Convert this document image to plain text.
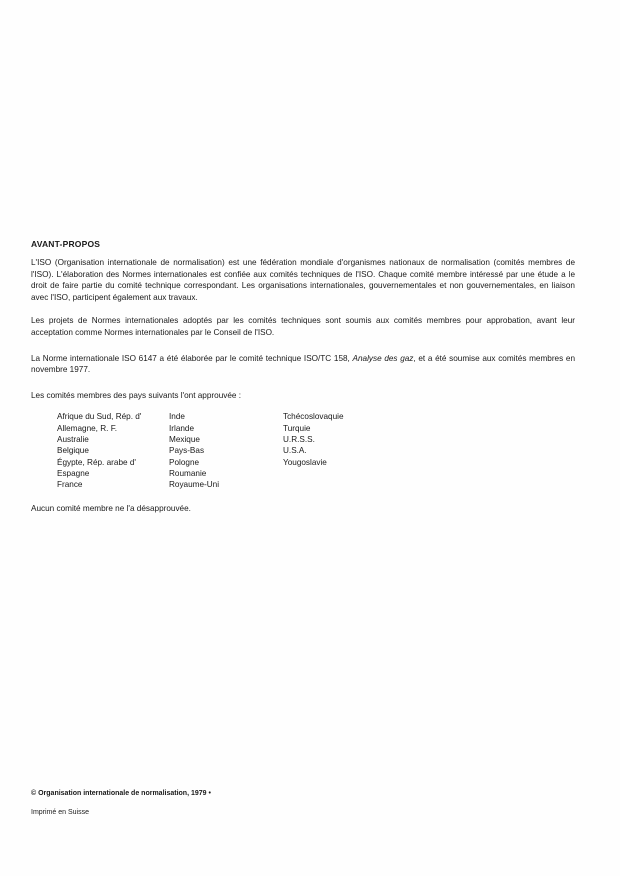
AVANT-PROPOS

L'ISO (Organisation internationale de normalisation) est une fédération mondiale d'organismes nationaux de normalisation (comités membres de l'ISO). L'élaboration des Normes internationales est confiée aux comités techniques de l'ISO. Chaque comité membre intéressé par une étude a le droit de faire partie du comité technique correspondant. Les organisations internationales, gouvernementales et non gouvernementales, en liaison avec l'ISO, participent également aux travaux.

Les projets de Normes internationales adoptés par les comités techniques sont soumis aux comités membres pour approbation, avant leur acceptation comme Normes internationales par le Conseil de l'ISO.

La Norme internationale ISO 6147 a été élaborée par le comité technique ISO/TC 158, Analyse des gaz, et a été soumise aux comités membres en novembre 1977.

Les comités membres des pays suivants l'ont approuvée :

Afrique du Sud, Rép. d'
Allemagne, R. F.
Australie
Belgique
Égypte, Rép. arabe d'
Espagne
France
Inde
Irlande
Mexique
Pays-Bas
Pologne
Roumanie
Royaume-Uni
Tchécoslovaquie
Turquie
U.R.S.S.
U.S.A.
Yougoslavie

Aucun comité membre ne l'a désapprouvée.

© Organisation internationale de normalisation, 1979 •
Imprimé en Suisse
